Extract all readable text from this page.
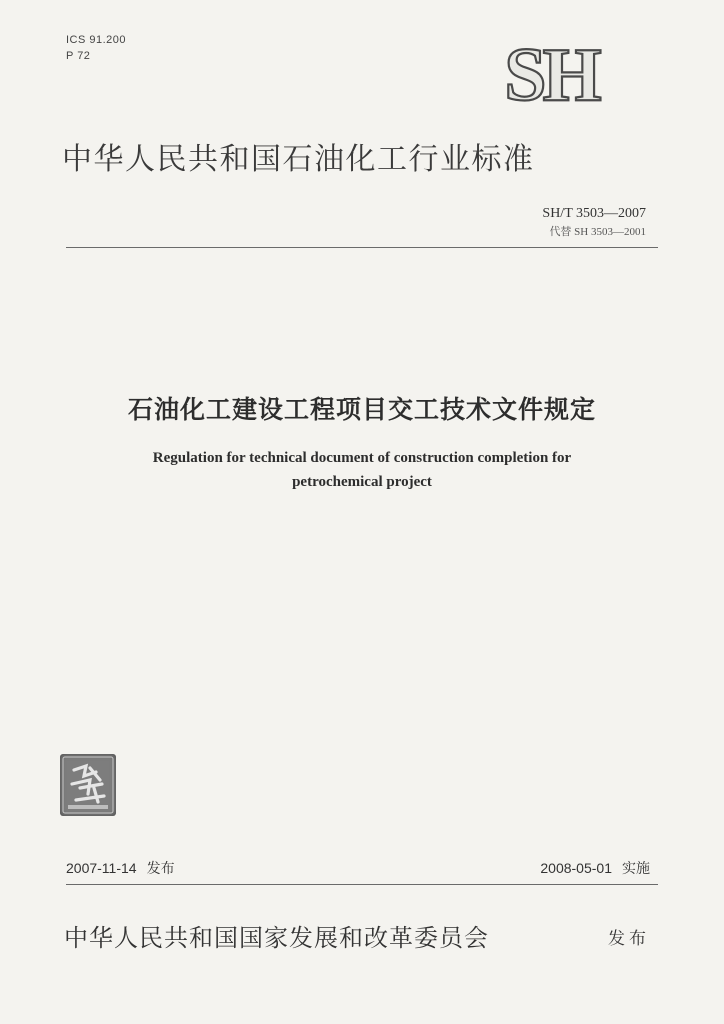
ICS 91.200
P 72	SH
中华人民共和国石油化工行业标准
SH/T 3503—2007
代替 SH 3503—2001
石油化工建设工程项目交工技术文件规定
Regulation for technical document of construction completion for
petrochemical project
2007-11-14 发布	2008-05-01 实施
中华人民共和国国家发展和改革委员会	发布
